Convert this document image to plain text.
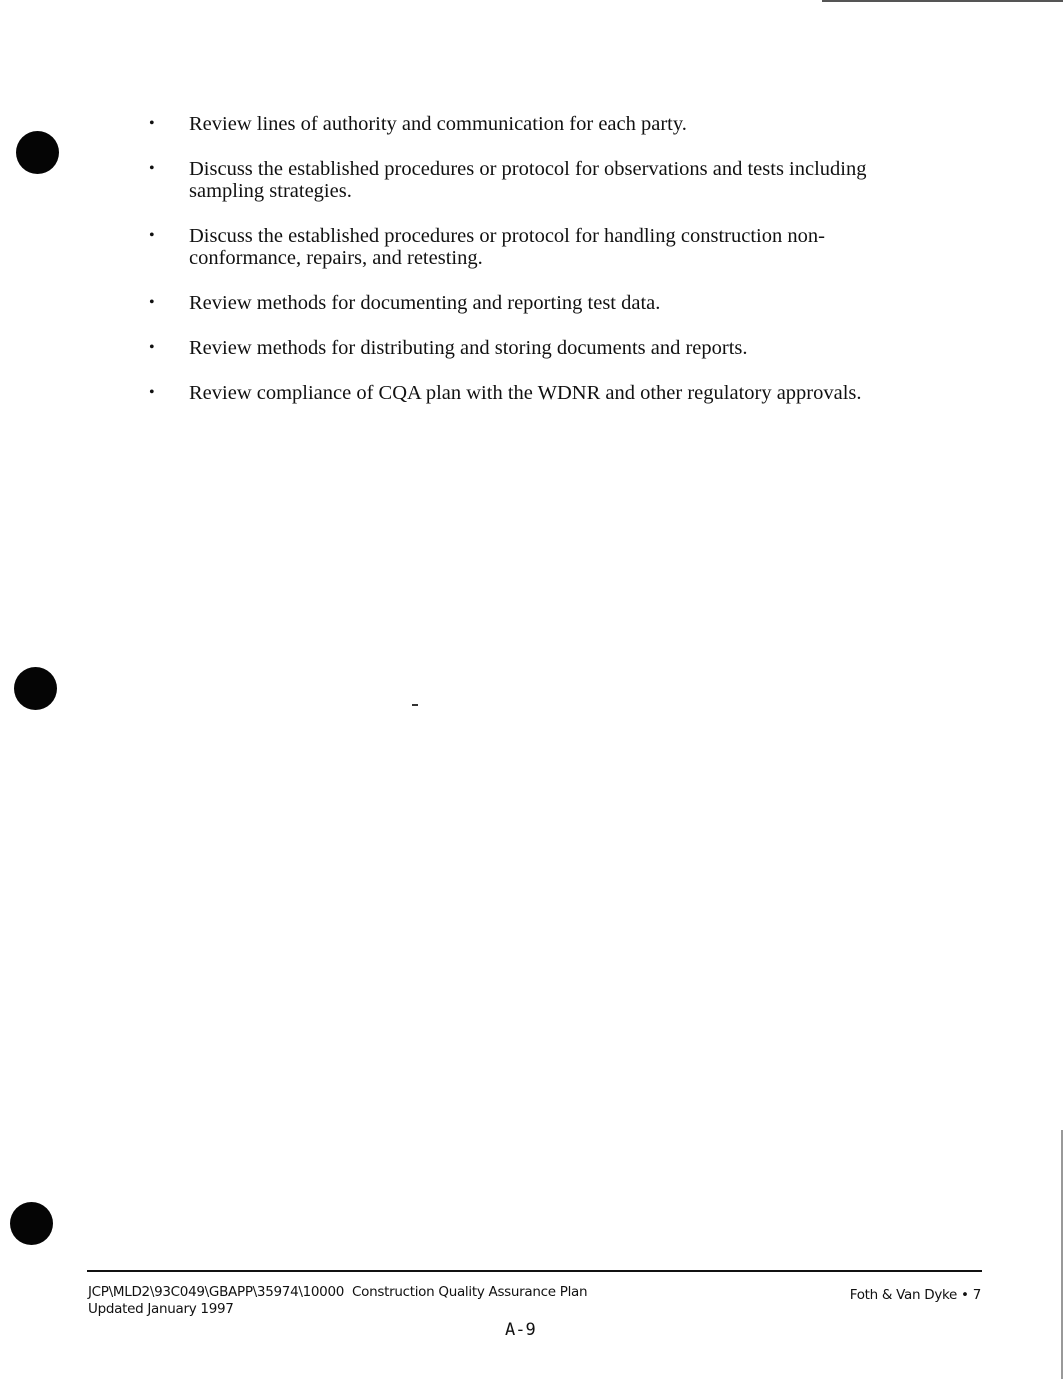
• Review lines of authority and communication for each party.
• Discuss the established procedures or protocol for observations and tests including
sampling strategies.
• Discuss the established procedures or protocol for handling construction non-
conformance, repairs, and retesting.
• Review methods for documenting and reporting test data.
• Review methods for distributing and storing documents and reports.
• Review compliance of CQA plan with the WDNR and other regulatory approvals.
JCP\MLD2\93C049\GBAPP\35974\10000 Construction Quality Assurance Plan
Updated January 1997
Foth & Van Dyke • 7
A-9
